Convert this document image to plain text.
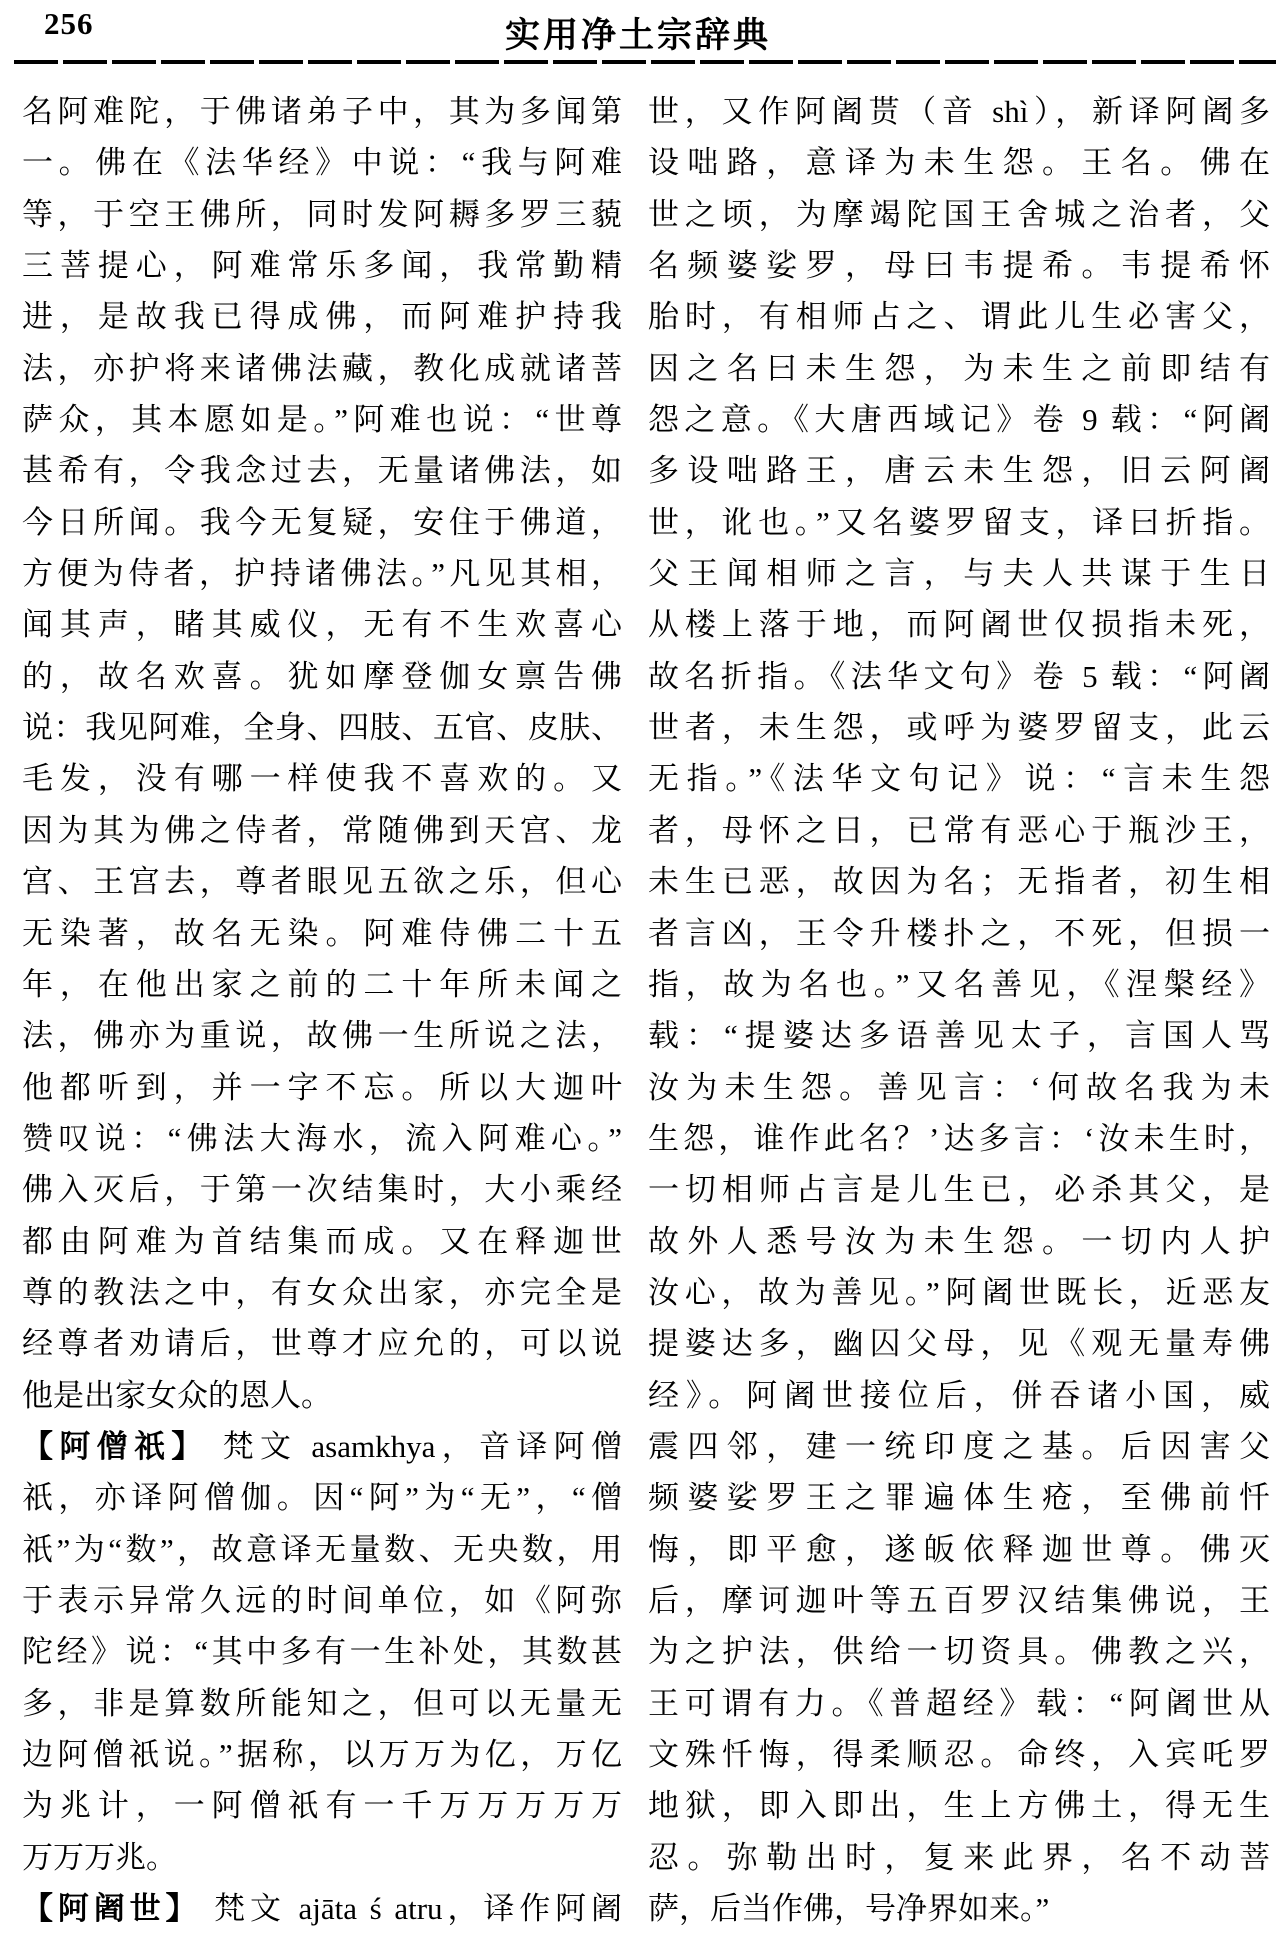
256	实用净土宗辞典
名阿难陀，于佛诸弟子中，其为多闻第
一。佛在《法华经》中说：“我与阿难
等，于空王佛所，同时发阿耨多罗三藐
三菩提心，阿难常乐多闻，我常勤精
进，是故我已得成佛，而阿难护持我
法，亦护将来诸佛法藏，教化成就诸菩
萨众，其本愿如是。”阿难也说：“世尊
甚希有，令我念过去，无量诸佛法，如
今日所闻。我今无复疑，安住于佛道，
方便为侍者，护持诸佛法。”凡见其相，
闻其声，睹其威仪，无有不生欢喜心
的，故名欢喜。犹如摩登伽女禀告佛
说：我见阿难，全身、四肢、五官、皮肤、
毛发，没有哪一样使我不喜欢的。又
因为其为佛之侍者，常随佛到天宫、龙
宫、王宫去，尊者眼见五欲之乐，但心
无染著，故名无染。阿难侍佛二十五
年，在他出家之前的二十年所未闻之
法，佛亦为重说，故佛一生所说之法，
他都听到，并一字不忘。所以大迦叶
赞叹说：“佛法大海水，流入阿难心。”
佛入灭后，于第一次结集时，大小乘经
都由阿难为首结集而成。又在释迦世
尊的教法之中，有女众出家，亦完全是
经尊者劝请后，世尊才应允的，可以说
他是出家女众的恩人。
【阿僧祇】 梵文 asamkhya，音译阿僧
祇，亦译阿僧伽。因“阿”为“无”，“僧
祇”为“数”，故意译无量数、无央数，用
于表示异常久远的时间单位，如《阿弥
陀经》说：“其中多有一生补处，其数甚
多，非是算数所能知之，但可以无量无
边阿僧祇说。”据称，以万万为亿，万亿
为兆计，一阿僧祇有一千万万万万万
万万万兆。
【阿阇世】 梵文 ajāta ś atru，译作阿阇
世，又作阿阇贳（音 shì），新译阿阇多
设咄路，意译为未生怨。王名。佛在
世之顷，为摩竭陀国王舍城之治者，父
名频婆娑罗，母曰韦提希。韦提希怀
胎时，有相师占之、谓此儿生必害父，
因之名曰未生怨，为未生之前即结有
怨之意。《大唐西域记》卷 9 载：“阿阇
多设咄路王，唐云未生怨，旧云阿阇
世，讹也。”又名婆罗留支，译曰折指。
父王闻相师之言，与夫人共谋于生日
从楼上落于地，而阿阇世仅损指未死，
故名折指。《法华文句》卷 5 载：“阿阇
世者，未生怨，或呼为婆罗留支，此云
无指。”《法华文句记》说：“言未生怨
者，母怀之日，已常有恶心于瓶沙王，
未生已恶，故因为名；无指者，初生相
者言凶，王令升楼扑之，不死，但损一
指，故为名也。”又名善见，《涅槃经》
载：“提婆达多语善见太子，言国人骂
汝为未生怨。善见言：‘何故名我为未
生怨，谁作此名？’达多言：‘汝未生时，
一切相师占言是儿生已，必杀其父，是
故外人悉号汝为未生怨。一切内人护
汝心，故为善见。”阿阇世既长，近恶友
提婆达多，幽囚父母，见《观无量寿佛
经》。阿阇世接位后，併吞诸小国，威
震四邻，建一统印度之基。后因害父
频婆娑罗王之罪遍体生疮，至佛前忏
悔，即平愈，遂皈依释迦世尊。佛灭
后，摩诃迦叶等五百罗汉结集佛说，王
为之护法，供给一切资具。佛教之兴，
王可谓有力。《普超经》载：“阿阇世从
文殊忏悔，得柔顺忍。命终，入宾吒罗
地狱，即入即出，生上方佛土，得无生
忍。弥勒出时，复来此界，名不动菩
萨，后当作佛，号净界如来。”
